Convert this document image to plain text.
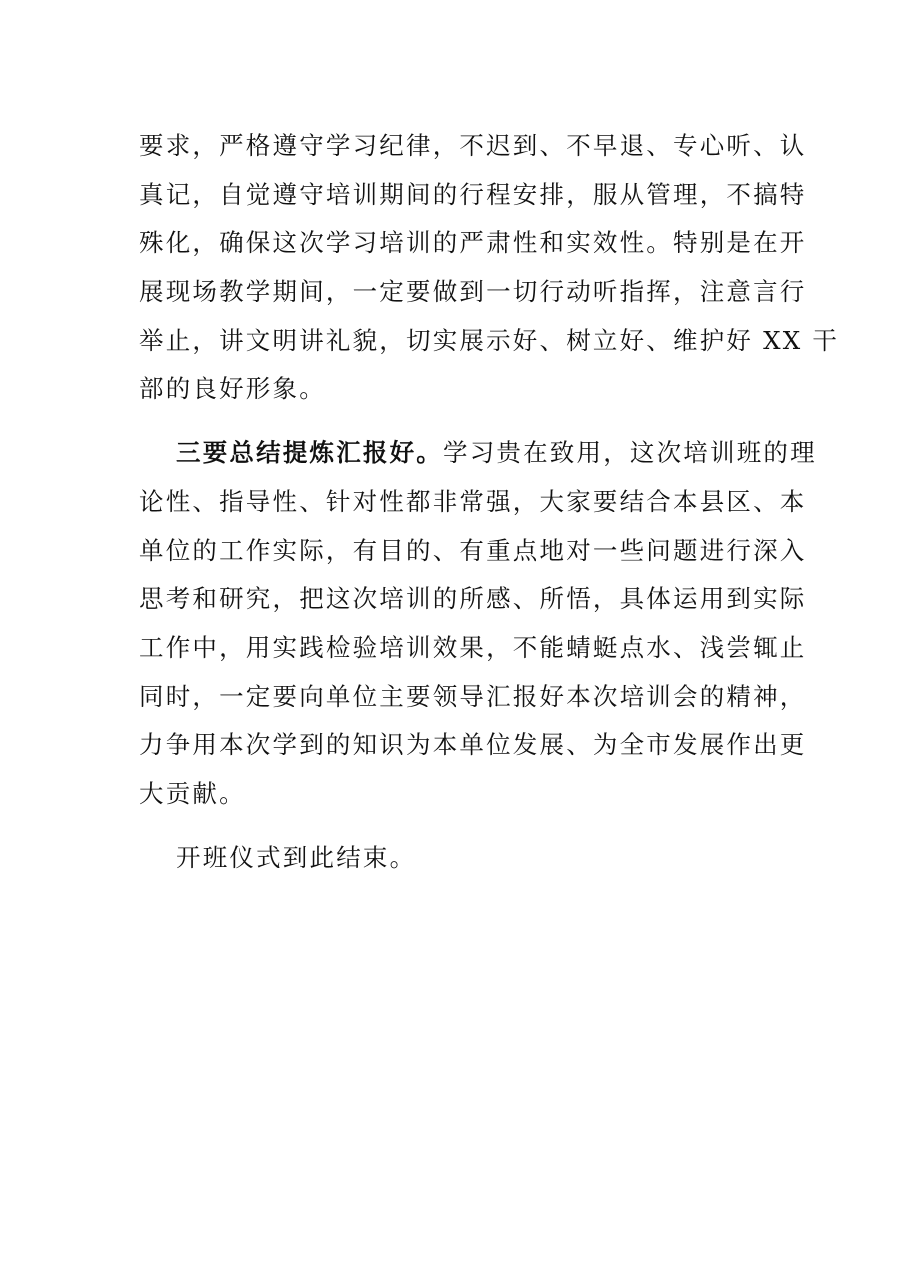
要求，严格遵守学习纪律，不迟到、不早退、专心听、认
真记，自觉遵守培训期间的行程安排，服从管理，不搞特
殊化，确保这次学习培训的严肃性和实效性。特别是在开
展现场教学期间，一定要做到一切行动听指挥，注意言行
举止，讲文明讲礼貌，切实展示好、树立好、维护好 XX 干
部的良好形象。
三要总结提炼汇报好。学习贵在致用，这次培训班的理
论性、指导性、针对性都非常强，大家要结合本县区、本
单位的工作实际，有目的、有重点地对一些问题进行深入
思考和研究，把这次培训的所感、所悟，具体运用到实际
工作中，用实践检验培训效果，不能蜻蜓点水、浅尝辄止
同时，一定要向单位主要领导汇报好本次培训会的精神，
力争用本次学到的知识为本单位发展、为全市发展作出更
大贡献。
开班仪式到此结束。
